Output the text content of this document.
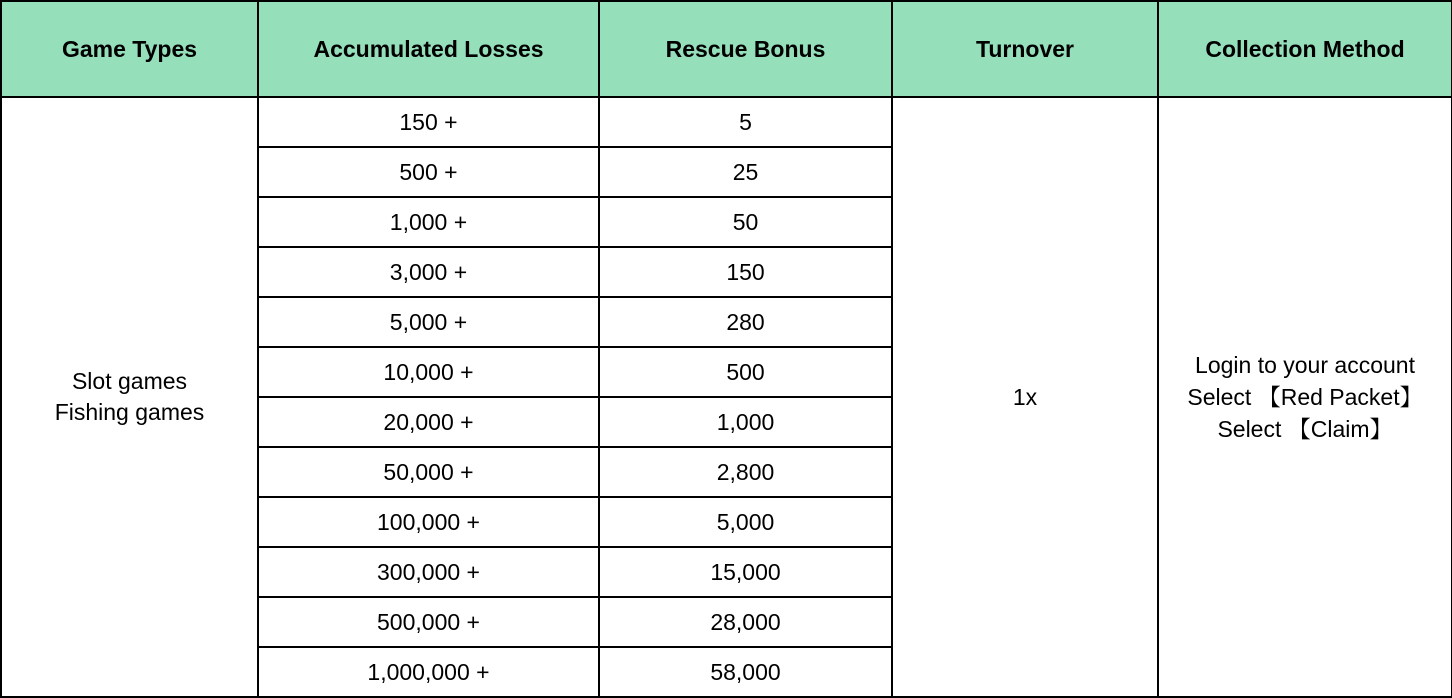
Game Types	Accumulated Losses	Rescue Bonus	Turnover	Collection Method

Slot games
Fishing games	150 +	5	1x	Login to your account
Select 【Red Packet】
Select 【Claim】

	500 +	25		
	1,000 +	50		
	3,000 +	150		
	5,000 +	280		
	10,000 +	500		
	20,000 +	1,000		
	50,000 +	2,800		
	100,000 +	5,000		
	300,000 +	15,000		
	500,000 +	28,000		
	1,000,000 +	58,000		
